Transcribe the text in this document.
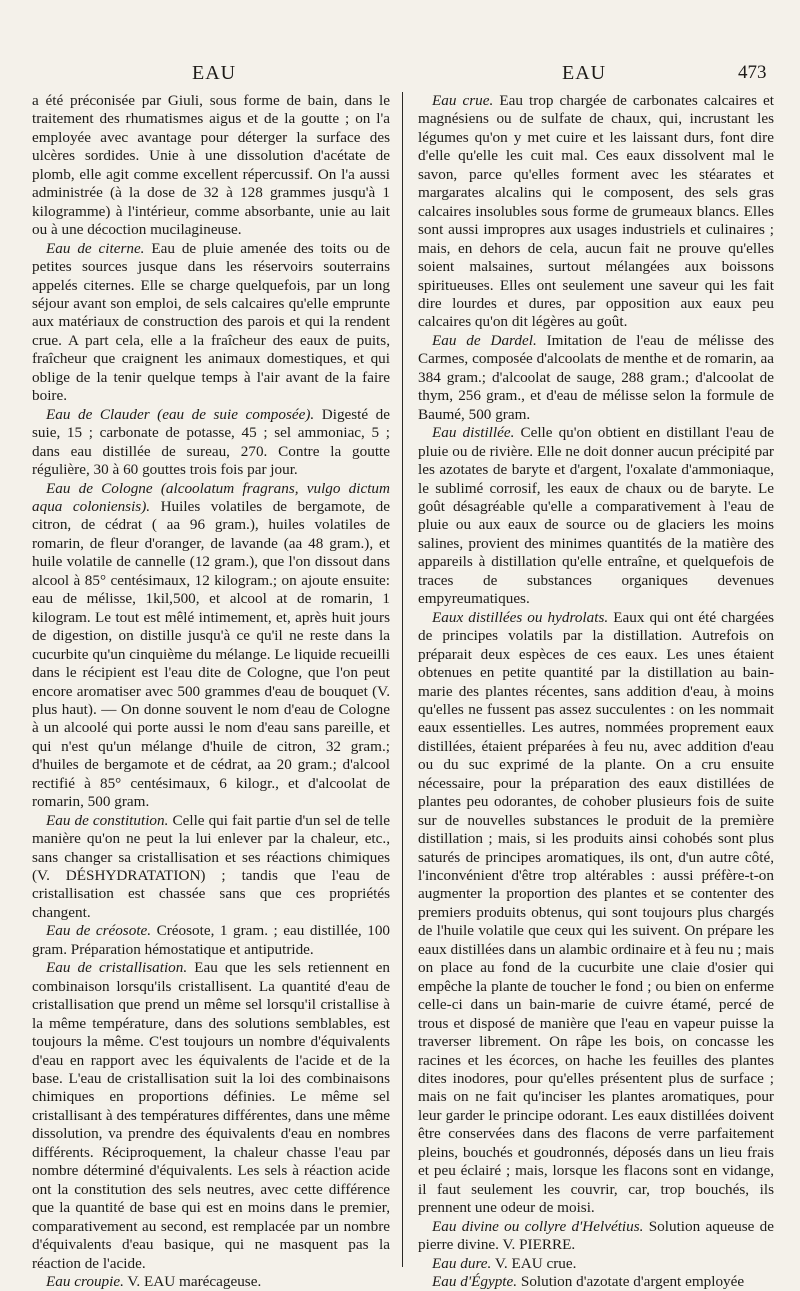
EAU	EAU	473

a été préconisée par Giuli, sous forme de bain, dans le traitement des rhumatismes aigus et de la goutte ; on l'a employée avec avantage pour déterger la surface des ulcères sordides. Unie à une dissolution d'acétate de plomb, elle agit comme excellent répercussif. On l'a aussi administrée (à la dose de 32 à 128 grammes jusqu'à 1 kilogramme) à l'intérieur, comme absorbante, unie au lait ou à une décoction mucilagineuse.

Eau de citerne. Eau de pluie amenée des toits ou de petites sources jusque dans les réservoirs souterrains appelés citernes. Elle se charge quelquefois, par un long séjour avant son emploi, de sels calcaires qu'elle emprunte aux matériaux de construction des parois et qui la rendent crue. A part cela, elle a la fraîcheur des eaux de puits, fraîcheur que craignent les animaux domestiques, et qui oblige de la tenir quelque temps à l'air avant de la faire boire.

Eau de Clauder (eau de suie composée). Digesté de suie, 15 ; carbonate de potasse, 45 ; sel ammoniac, 5 ; dans eau distillée de sureau, 270. Contre la goutte régulière, 30 à 60 gouttes trois fois par jour.

Eau de Cologne (alcoolatum fragrans, vulgo dictum aqua coloniensis). Huiles volatiles de bergamote, de citron, de cédrat ( aa 96 gram.), huiles volatiles de romarin, de fleur d'oranger, de lavande (aa 48 gram.), et huile volatile de cannelle (12 gram.), que l'on dissout dans alcool à 85° centésimaux, 12 kilogram.; on ajoute ensuite: eau de mélisse, 1kil,500, et alcool at de romarin, 1 kilogram. Le tout est mêlé intimement, et, après huit jours de digestion, on distille jusqu'à ce qu'il ne reste dans la cucurbite qu'un cinquième du mélange. Le liquide recueilli dans le récipient est l'eau dite de Cologne, que l'on peut encore aromatiser avec 500 grammes d'eau de bouquet (V. plus haut). — On donne souvent le nom d'eau de Cologne à un alcoolé qui porte aussi le nom d'eau sans pareille, et qui n'est qu'un mélange d'huile de citron, 32 gram.; d'huiles de bergamote et de cédrat, aa 20 gram.; d'alcool rectifié à 85° centésimaux, 6 kilogr., et d'alcoolat de romarin, 500 gram.

Eau de constitution. Celle qui fait partie d'un sel de telle manière qu'on ne peut la lui enlever par la chaleur, etc., sans changer sa cristallisation et ses réactions chimiques (V. DÉSHYDRATATION) ; tandis que l'eau de cristallisation est chassée sans que ces propriétés changent.

Eau de créosote. Créosote, 1 gram. ; eau distillée, 100 gram. Préparation hémostatique et antiputride.

Eau de cristallisation. Eau que les sels retiennent en combinaison lorsqu'ils cristallisent. La quantité d'eau de cristallisation que prend un même sel lorsqu'il cristallise à la même température, dans des solutions semblables, est toujours la même. C'est toujours un nombre d'équivalents d'eau en rapport avec les équivalents de l'acide et de la base. L'eau de cristallisation suit la loi des combinaisons chimiques en proportions définies. Le même sel cristallisant à des températures différentes, dans une même dissolution, va prendre des équivalents d'eau en nombres différents. Réciproquement, la chaleur chasse l'eau par nombre déterminé d'équivalents. Les sels à réaction acide ont la constitution des sels neutres, avec cette différence que la quantité de base qui est en moins dans le premier, comparativement au second, est remplacée par un nombre d'équivalents d'eau basique, qui ne masquent pas la réaction de l'acide.

Eau croupie. V. EAU marécageuse.

Eau crue. Eau trop chargée de carbonates calcaires et magnésiens ou de sulfate de chaux, qui, incrustant les légumes qu'on y met cuire et les laissant durs, font dire d'elle qu'elle les cuit mal. Ces eaux dissolvent mal le savon, parce qu'elles forment avec les stéarates et margarates alcalins qui le composent, des sels gras calcaires insolubles sous forme de grumeaux blancs. Elles sont aussi impropres aux usages industriels et culinaires ; mais, en dehors de cela, aucun fait ne prouve qu'elles soient malsaines, surtout mélangées aux boissons spiritueuses. Elles ont seulement une saveur qui les fait dire lourdes et dures, par opposition aux eaux peu calcaires qu'on dit légères au goût.

Eau de Dardel. Imitation de l'eau de mélisse des Carmes, composée d'alcoolats de menthe et de romarin, aa 384 gram.; d'alcoolat de sauge, 288 gram.; d'alcoolat de thym, 256 gram., et d'eau de mélisse selon la formule de Baumé, 500 gram.

Eau distillée. Celle qu'on obtient en distillant l'eau de pluie ou de rivière. Elle ne doit donner aucun précipité par les azotates de baryte et d'argent, l'oxalate d'ammoniaque, le sublimé corrosif, les eaux de chaux ou de baryte. Le goût désagréable qu'elle a comparativement à l'eau de pluie ou aux eaux de source ou de glaciers les moins salines, provient des minimes quantités de la matière des appareils à distillation qu'elle entraîne, et quelquefois de traces de substances organiques devenues empyreumatiques.

Eaux distillées ou hydrolats. Eaux qui ont été chargées de principes volatils par la distillation. Autrefois on préparait deux espèces de ces eaux. Les unes étaient obtenues en petite quantité par la distillation au bain-marie des plantes récentes, sans addition d'eau, à moins qu'elles ne fussent pas assez succulentes : on les nommait eaux essentielles. Les autres, nommées proprement eaux distillées, étaient préparées à feu nu, avec addition d'eau ou du suc exprimé de la plante. On a cru ensuite nécessaire, pour la préparation des eaux distillées de plantes peu odorantes, de cohober plusieurs fois de suite sur de nouvelles substances le produit de la première distillation ; mais, si les produits ainsi cohobés sont plus saturés de principes aromatiques, ils ont, d'un autre côté, l'inconvénient d'être trop altérables : aussi préfère-t-on augmenter la proportion des plantes et se contenter des premiers produits obtenus, qui sont toujours plus chargés de l'huile volatile que ceux qui les suivent. On prépare les eaux distillées dans un alambic ordinaire et à feu nu ; mais on place au fond de la cucurbite une claie d'osier qui empêche la plante de toucher le fond ; ou bien on enferme celle-ci dans un bain-marie de cuivre étamé, percé de trous et disposé de manière que l'eau en vapeur puisse la traverser librement. On râpe les bois, on concasse les racines et les écorces, on hache les feuilles des plantes dites inodores, pour qu'elles présentent plus de surface ; mais on ne fait qu'inciser les plantes aromatiques, pour leur garder le principe odorant. Les eaux distillées doivent être conservées dans des flacons de verre parfaitement pleins, bouchés et goudronnés, déposés dans un lieu frais et peu éclairé ; mais, lorsque les flacons sont en vidange, il faut seulement les couvrir, car, trop bouchés, ils prennent une odeur de moisi.

Eau divine ou collyre d'Helvétius. Solution aqueuse de pierre divine. V. PIERRE.

Eau dure. V. EAU crue.

Eau d'Égypte. Solution d'azotate d'argent employée
